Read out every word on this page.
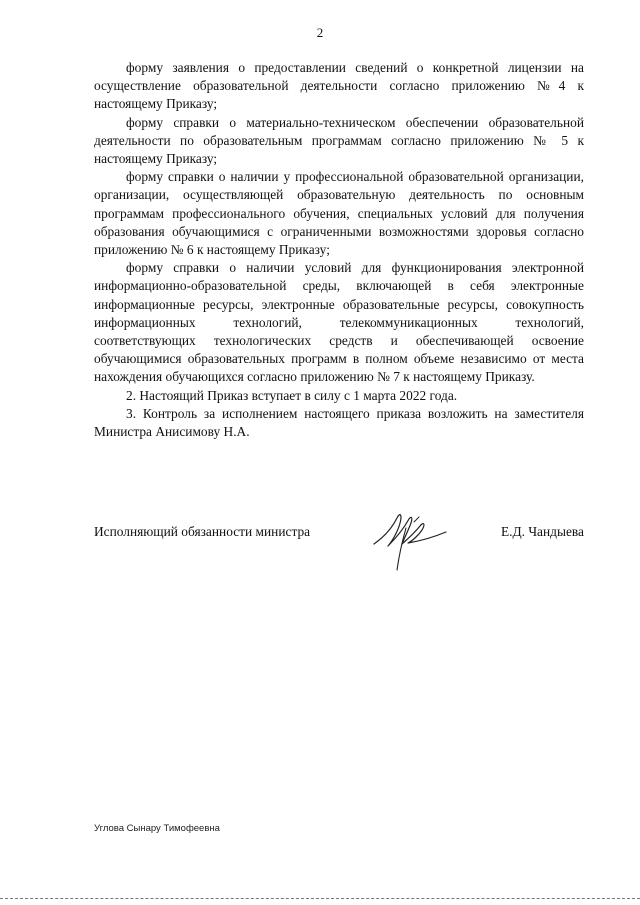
2

форму заявления о предоставлении сведений о конкретной лицензии на осуществление образовательной деятельности согласно приложению №4 к настоящему Приказу;

форму справки о материально-техническом обеспечении образовательной деятельности по образовательным программам согласно приложению № 5 к настоящему Приказу;

форму справки о наличии у профессиональной образовательной организации, организации, осуществляющей образовательную деятельность по основным программам профессионального обучения, специальных условий для получения образования обучающимися с ограниченными возможностями здоровья согласно приложению № 6 к настоящему Приказу;

форму справки о наличии условий для функционирования электронной информационно-образовательной среды, включающей в себя электронные информационные ресурсы, электронные образовательные ресурсы, совокупность информационных технологий, телекоммуникационных технологий, соответствующих технологических средств и обеспечивающей освоение обучающимися образовательных программ в полном объеме независимо от места нахождения обучающихся согласно приложению № 7 к настоящему Приказу.

2. Настоящий Приказ вступает в силу с 1 марта 2022 года.

3. Контроль за исполнением настоящего приказа возложить на заместителя Министра Анисимову Н.А.

Исполняющий обязанности министра	Е.Д. Чандыева
Углова Сынару Тимофеевна
